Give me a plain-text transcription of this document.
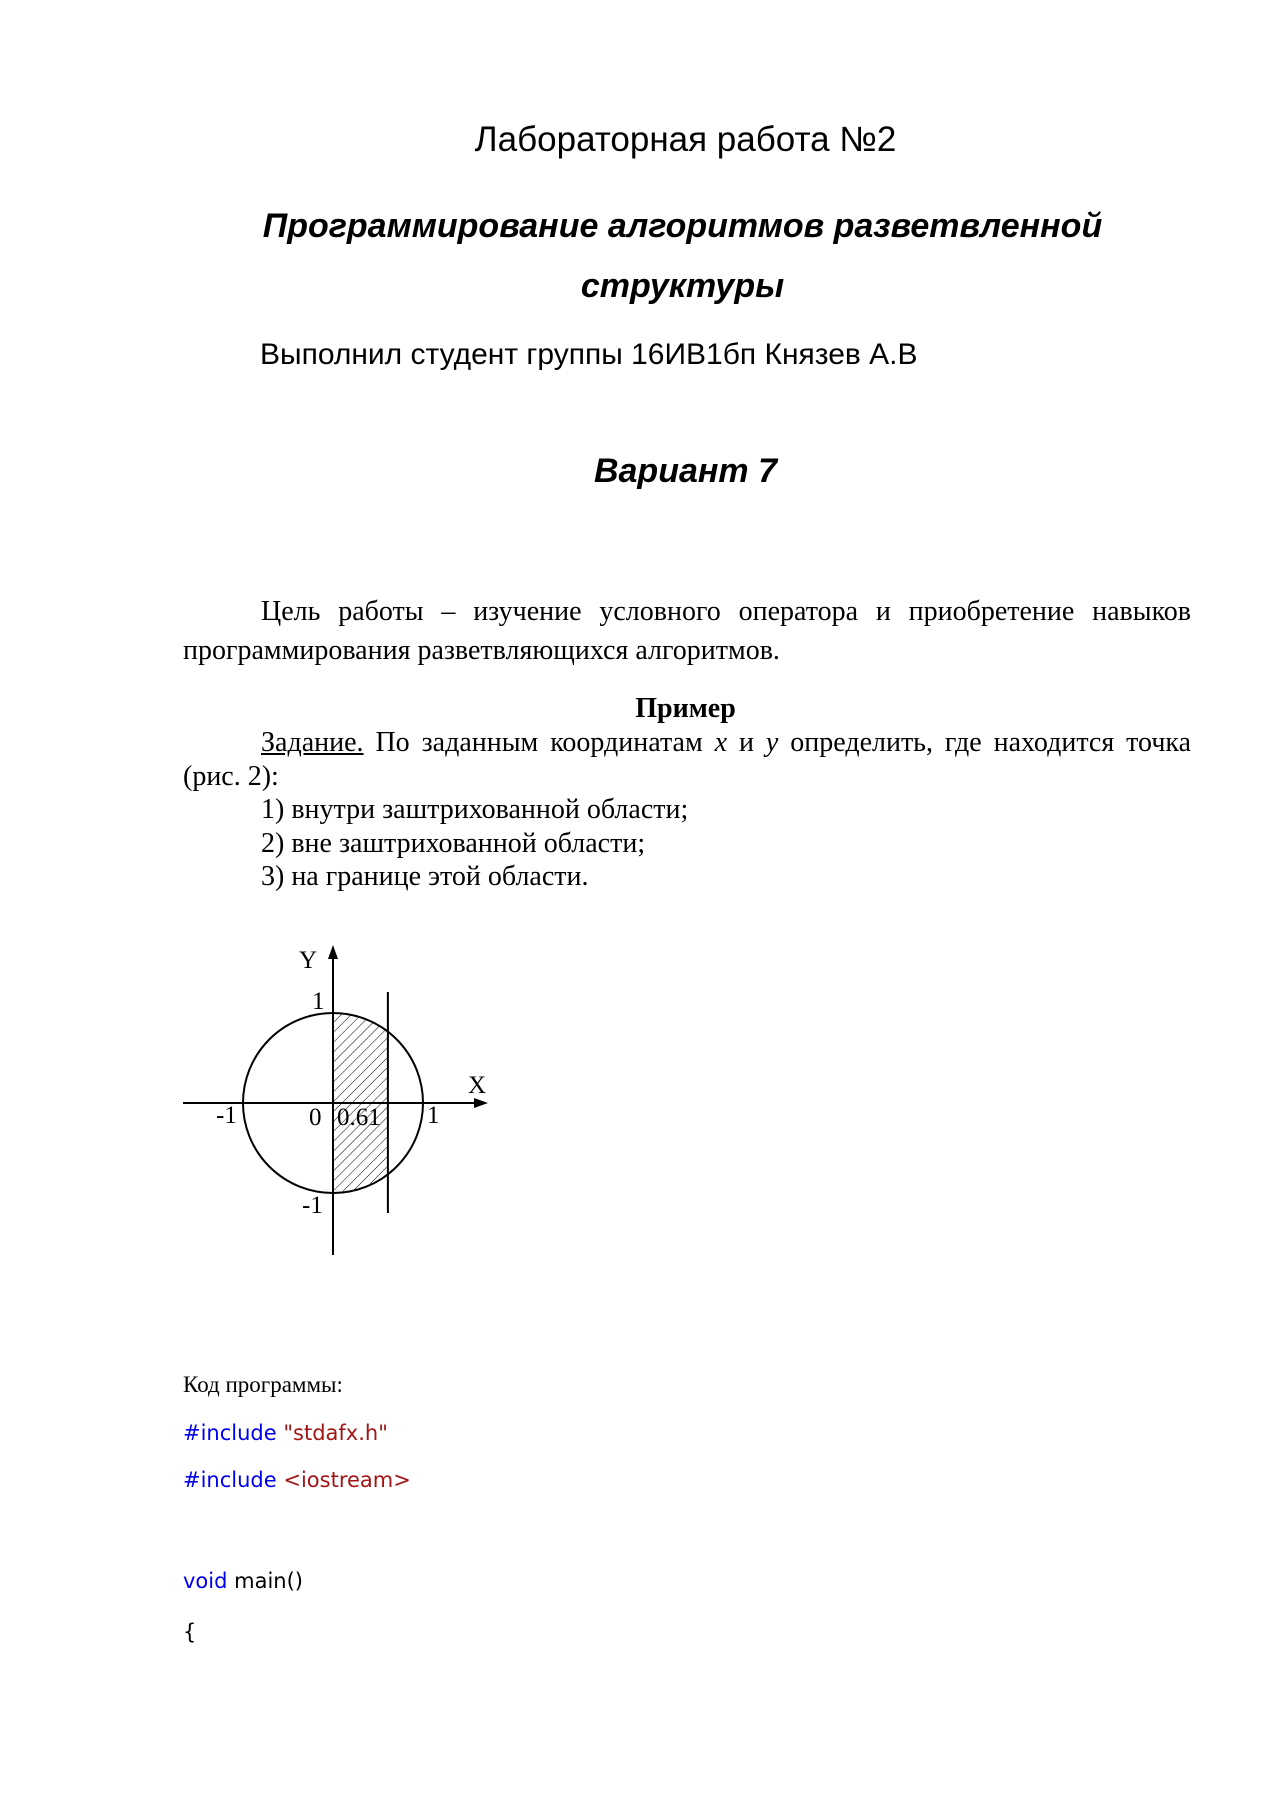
Лабораторная работа №2
Программирование алгоритмов разветвленной структуры
Выполнил студент группы 16ИВ1бп Князев А.В
Вариант 7
Цель работы – изучение условного оператора и приобретение навыков программирования разветвляющихся алгоритмов.
Пример
Задание. По заданным координатам x и y определить, где находится точка (рис. 2):
1) внутри заштрихованной области;
2) вне заштрихованной области;
3) на границе этой области.
Y
X
1
-1
-1	1
0 0.61
Код программы:
#include "stdafx.h"
#include <iostream>
void main()
{
